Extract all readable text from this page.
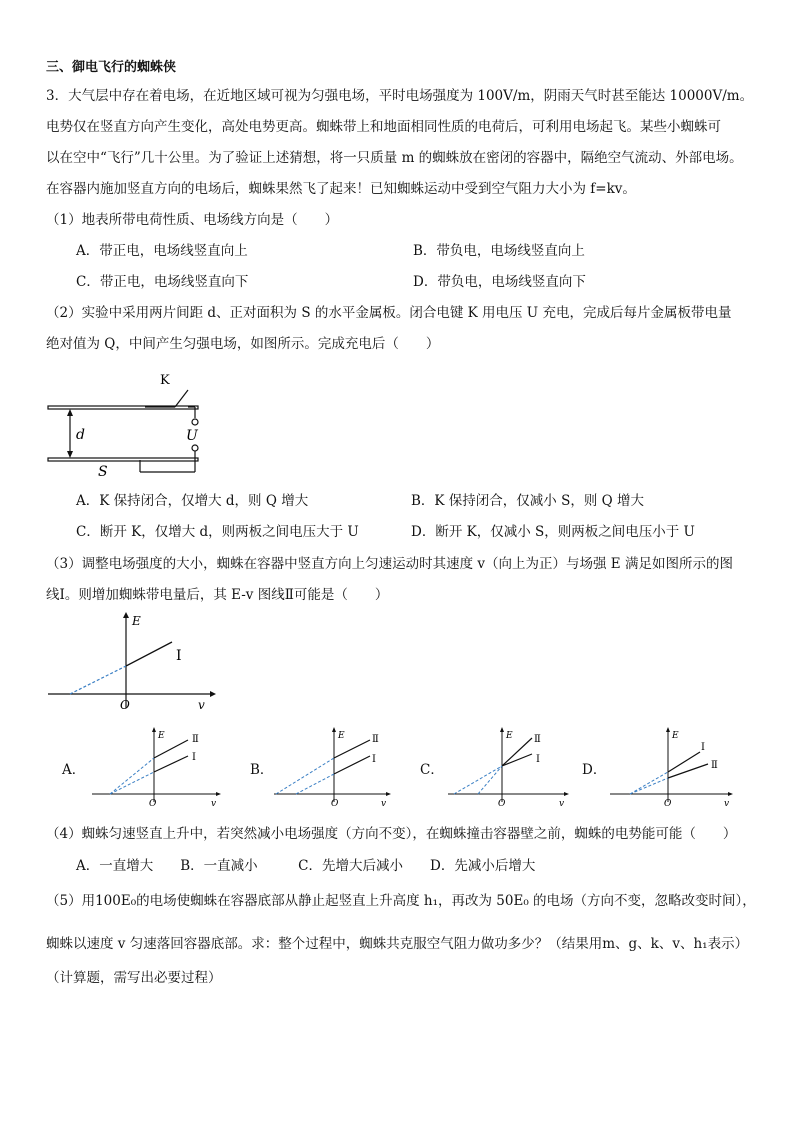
三、御电飞行的蜘蛛侠
3．大气层中存在着电场，在近地区域可视为匀强电场，平时电场强度为 100V/m，阴雨天气时甚至能达 10000V/m。
电势仅在竖直方向产生变化，高处电势更高。蜘蛛带上和地面相同性质的电荷后，可利用电场起飞。某些小蜘蛛可
以在空中“飞行”几十公里。为了验证上述猜想，将一只质量 m 的蜘蛛放在密闭的容器中，隔绝空气流动、外部电场。
在容器内施加竖直方向的电场后，蜘蛛果然飞了起来！已知蜘蛛运动中受到空气阻力大小为 f=kv。
（1）地表所带电荷性质、电场线方向是（　　）
A．带正电，电场线竖直向上	B．带负电，电场线竖直向上
C．带正电，电场线竖直向下	D．带负电，电场线竖直向下
（2）实验中采用两片间距 d、正对面积为 S 的水平金属板。闭合电键 K 用电压 U 充电，完成后每片金属板带电量
绝对值为 Q，中间产生匀强电场，如图所示。完成充电后（　　）
K
d	U
S
A．K 保持闭合，仅增大 d，则 Q 增大	B．K 保持闭合，仅减小 S，则 Q 增大
C．断开 K，仅增大 d，则两板之间电压大于 U	D．断开 K，仅减小 S，则两板之间电压小于 U
（3）调整电场强度的大小，蜘蛛在容器中竖直方向上匀速运动时其速度 v（向上为正）与场强 E 满足如图所示的图
线Ⅰ。则增加蜘蛛带电量后，其 E-v 图线Ⅱ可能是（　　）
E
v
O
Ⅰ
A．
E
v
O
Ⅱ
Ⅰ
B．
E
v
O
Ⅱ
Ⅰ
C．
E
v
O
Ⅱ
Ⅰ
D．
E
v
O
Ⅰ
Ⅱ
（4）蜘蛛匀速竖直上升中，若突然减小电场强度（方向不变），在蜘蛛撞击容器壁之前，蜘蛛的电势能可能（　　）
A．一直增大　　B．一直减小　　　C．先增大后减小　　D．先减小后增大
（5）用100E₀的电场使蜘蛛在容器底部从静止起竖直上升高度 h₁，再改为 50E₀ 的电场（方向不变，忽略改变时间），
蜘蛛以速度 v 匀速落回容器底部。求：整个过程中，蜘蛛共克服空气阻力做功多少？（结果用m、g、k、v、h₁表示）
（计算题，需写出必要过程）
